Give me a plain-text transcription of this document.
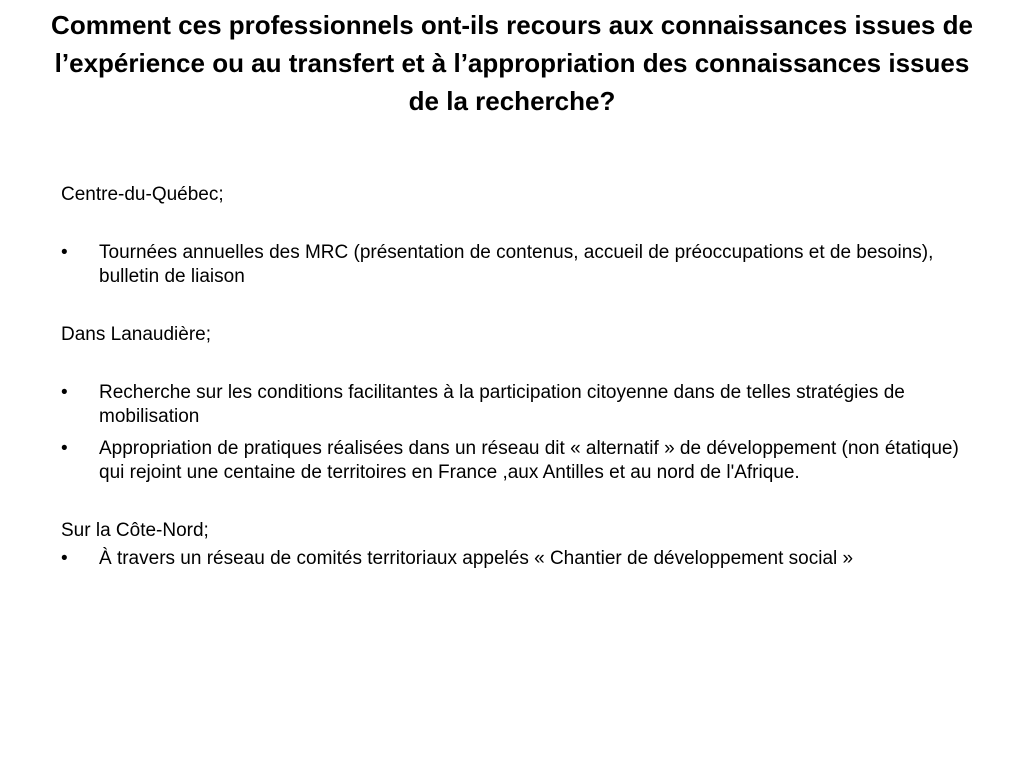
Comment ces professionnels ont-ils recours aux connaissances issues de l’expérience ou au transfert et à l’appropriation des connaissances issues de la recherche?

Centre-du-Québec;

•	Tournées annuelles des MRC (présentation de contenus, accueil de préoccupations et de besoins), bulletin de liaison

Dans Lanaudière;

•	Recherche sur les conditions facilitantes à la participation citoyenne dans de telles stratégies de mobilisation

•	Appropriation de pratiques réalisées dans un réseau dit « alternatif » de développement (non étatique) qui rejoint une centaine de territoires en France ,aux Antilles et au nord de l'Afrique.

Sur la Côte-Nord;

•	À travers un réseau de comités territoriaux appelés « Chantier de développement social »
